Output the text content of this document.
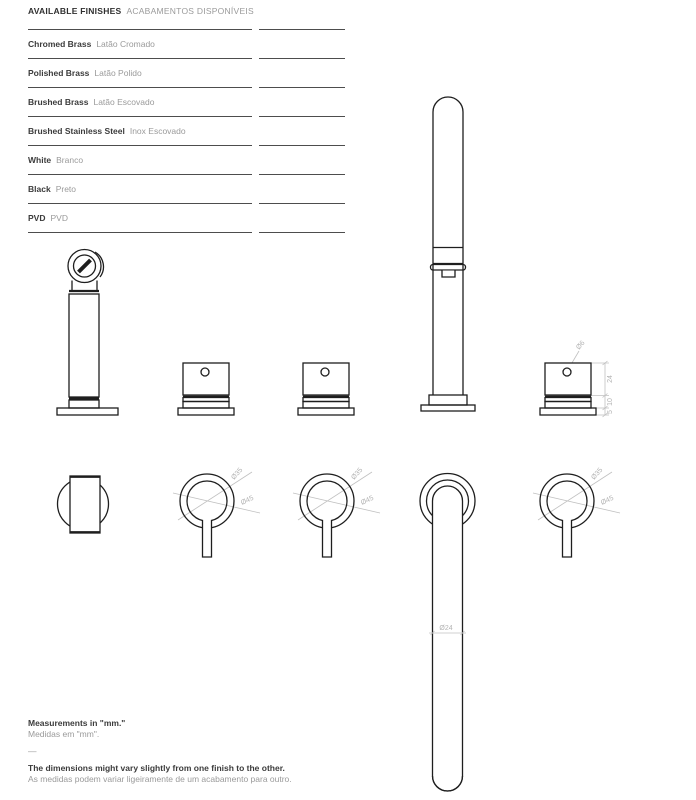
AVAILABLE FINISHES ACABAMENTOS DISPONÍVEIS
Chromed Brass Latão Cromado
Polished Brass Latão Polido
Brushed Brass Latão Escovado
Brushed Stainless Steel Inox Escovado
White Branco
Black Preto
PVD PVD
Ø6
24
10
5
Ø35
Ø45
Ø35
Ø45
Ø24
Ø35
Ø45
Measurements in "mm."
Medidas em "mm".
—
The dimensions might vary slightly from one finish to the other.
As medidas podem variar ligeiramente de um acabamento para outro.
